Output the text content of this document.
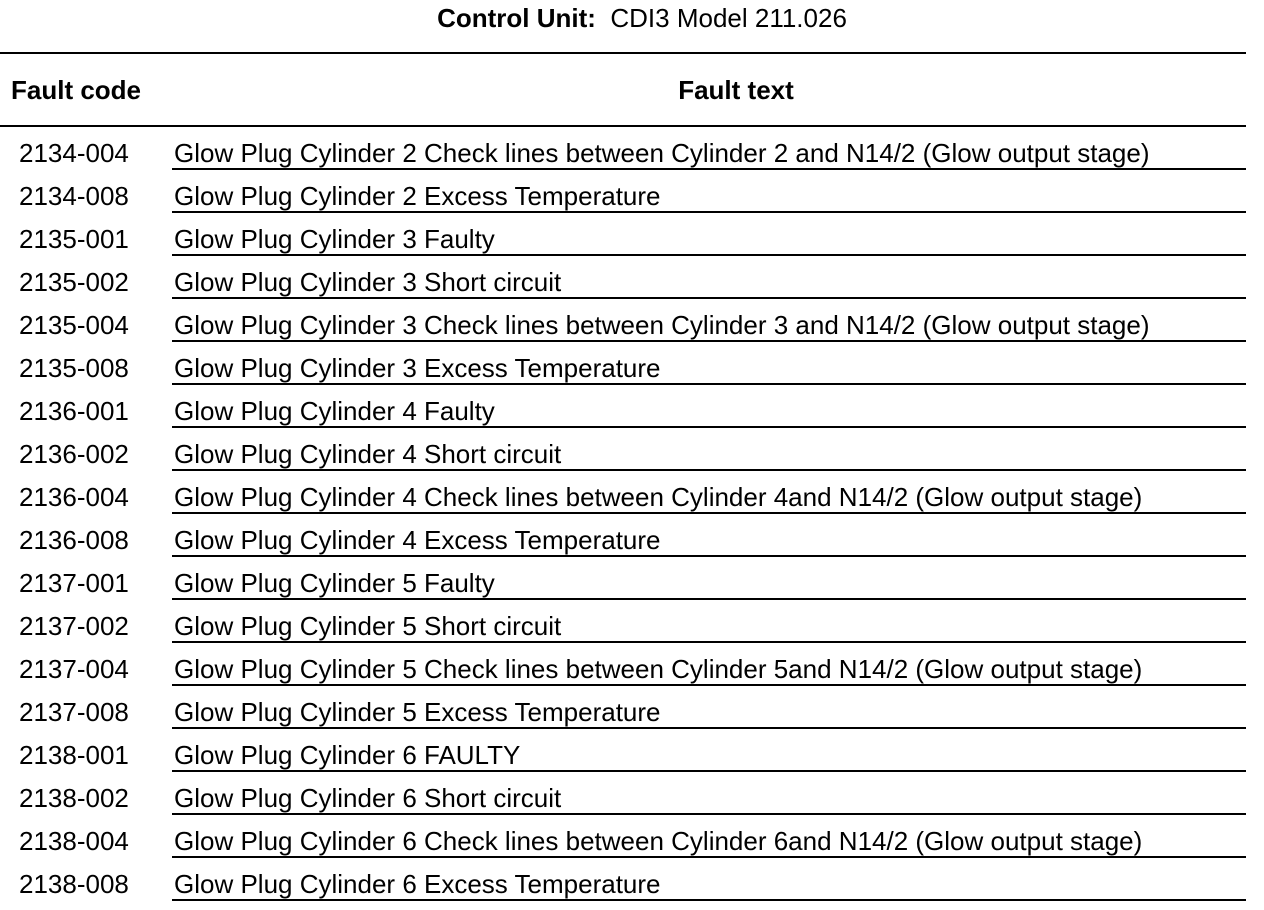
Control Unit: CDI3 Model 211.026
Fault code	Fault text
2134-004 Glow Plug Cylinder 2 Check lines between Cylinder 2 and N14/2 (Glow output stage)
2134-008 Glow Plug Cylinder 2 Excess Temperature
2135-001 Glow Plug Cylinder 3 Faulty
2135-002 Glow Plug Cylinder 3 Short circuit
2135-004 Glow Plug Cylinder 3 Check lines between Cylinder 3 and N14/2 (Glow output stage)
2135-008 Glow Plug Cylinder 3 Excess Temperature
2136-001 Glow Plug Cylinder 4 Faulty
2136-002 Glow Plug Cylinder 4 Short circuit
2136-004 Glow Plug Cylinder 4 Check lines between Cylinder 4and N14/2 (Glow output stage)
2136-008 Glow Plug Cylinder 4 Excess Temperature
2137-001 Glow Plug Cylinder 5 Faulty
2137-002 Glow Plug Cylinder 5 Short circuit
2137-004 Glow Plug Cylinder 5 Check lines between Cylinder 5and N14/2 (Glow output stage)
2137-008 Glow Plug Cylinder 5 Excess Temperature
2138-001 Glow Plug Cylinder 6 FAULTY
2138-002 Glow Plug Cylinder 6 Short circuit
2138-004 Glow Plug Cylinder 6 Check lines between Cylinder 6and N14/2 (Glow output stage)
2138-008 Glow Plug Cylinder 6 Excess Temperature
